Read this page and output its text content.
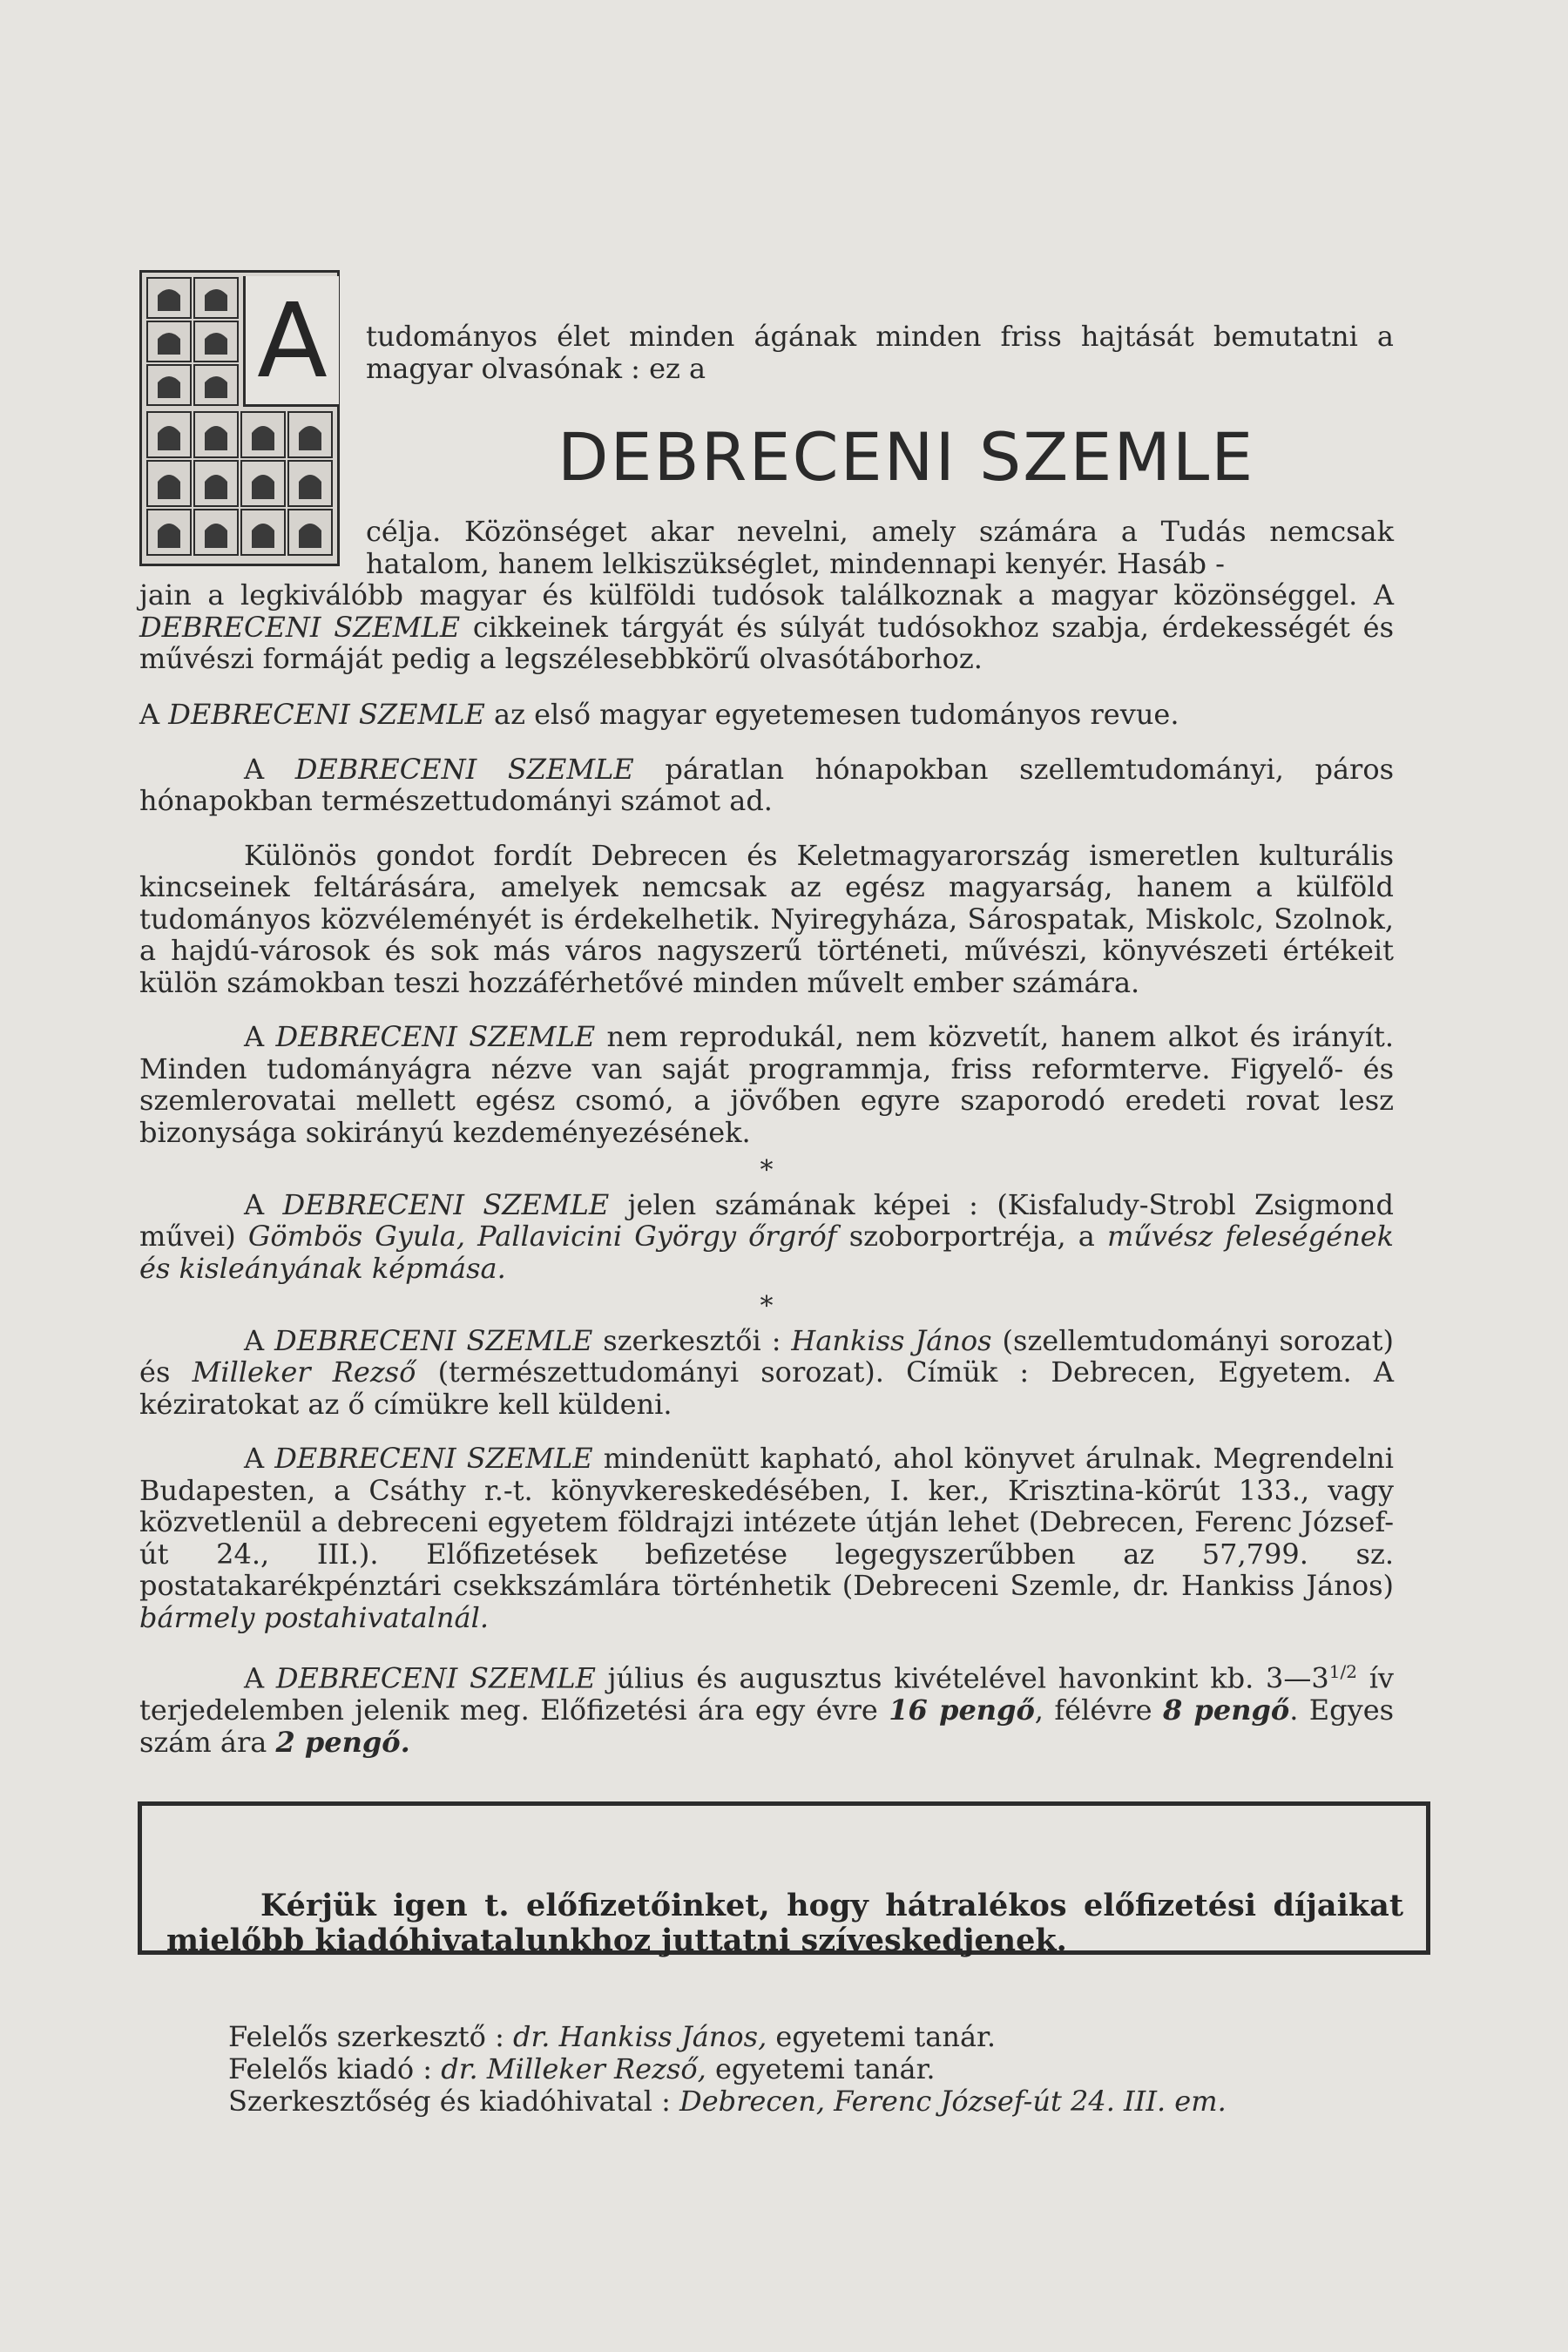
A	tudományos élet minden ágának minden friss hajtását bemutatni a magyar olvasónak : ez a

DEBRECENI SZEMLE

célja. Közönséget akar nevelni, amely számára a Tudás nemcsak hatalom, hanem lelkiszükséglet, mindennapi kenyér. Hasáb -

jain a legkiválóbb magyar és külföldi tudósok találkoznak a magyar közönséggel. A DEBRECENI SZEMLE cikkeinek tárgyát és súlyát tudósokhoz szabja, érdekességét és művészi formáját pedig a legszélesebbkörű olvasótáborhoz.

A DEBRECENI SZEMLE az első magyar egyetemesen tudományos revue.

A DEBRECENI SZEMLE páratlan hónapokban szellemtudományi, páros hónapokban természettudományi számot ad.

Különös gondot fordít Debrecen és Keletmagyarország ismeretlen kulturális kincseinek feltárására, amelyek nemcsak az egész magyarság, hanem a külföld tudományos közvéleményét is érdekelhetik. Nyiregyháza, Sárospatak, Miskolc, Szolnok, a hajdú-városok és sok más város nagyszerű történeti, művészi, könyvészeti értékeit külön számokban teszi hozzáférhetővé minden művelt ember számára.

A DEBRECENI SZEMLE nem reprodukál, nem közvetít, hanem alkot és irányít. Minden tudományágra nézve van saját programmja, friss reformterve. Figyelő- és szemlerovatai mellett egész csomó, a jövőben egyre szaporodó eredeti rovat lesz bizonysága sokirányú kezdeményezésének.

*

A DEBRECENI SZEMLE jelen számának képei : (Kisfaludy-Strobl Zsigmond művei) Gömbös Gyula, Pallavicini György őrgróf szoborportréja, a művész feleségének és kisleányának képmása.

*

A DEBRECENI SZEMLE szerkesztői : Hankiss János (szellemtudományi sorozat) és Milleker Rezső (természettudományi sorozat). Címük : Debrecen, Egyetem. A kéziratokat az ő címükre kell küldeni.

A DEBRECENI SZEMLE mindenütt kapható, ahol könyvet árulnak. Megrendelni Budapesten, a Csáthy r.-t. könyvkereskedésében, I. ker., Krisztina-körút 133., vagy közvetlenül a debreceni egyetem földrajzi intézete útján lehet (Debrecen, Ferenc József-út 24., III.). Előfizetések befizetése legegyszerűbben az 57,799. sz. postatakarékpénztári csekkszámlára történhetik (Debreceni Szemle, dr. Hankiss János) bármely postahivatalnál.

A DEBRECENI SZEMLE július és augusztus kivételével havonkint kb. $3—3^{1/2}$ ív terjedelemben jelenik meg. Előfizetési ára egy évre 16 pengő, félévre 8 pengő. Egyes szám ára 2 pengő.

Kérjük igen t. előfizetőinket, hogy hátralékos előfizetési díjaikat mielőbb kiadóhivatalunkhoz juttatni szíveskedjenek.

Felelős szerkesztő : dr. Hankiss János, egyetemi tanár.

Felelős kiadó : dr. Milleker Rezső, egyetemi tanár.

Szerkesztőség és kiadóhivatal : Debrecen, Ferenc József-út 24. III. em.
